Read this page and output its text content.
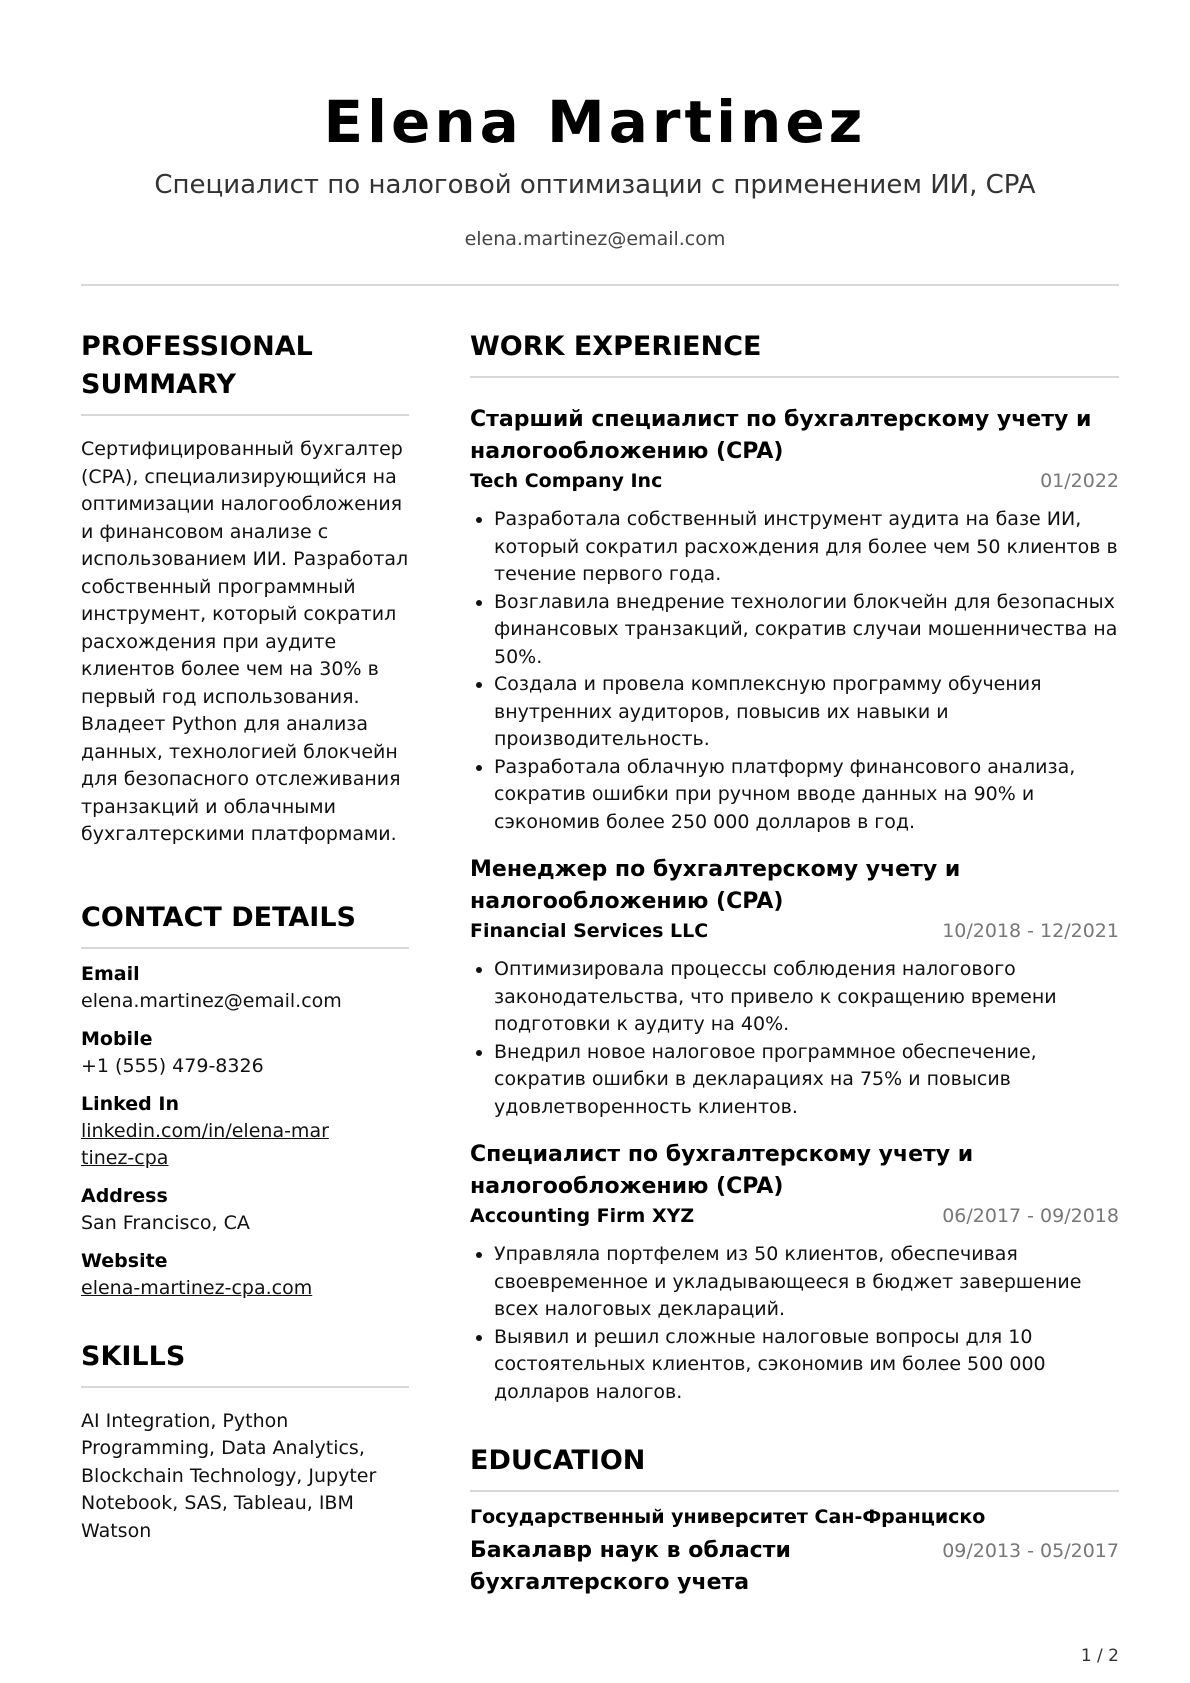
Elena Martinez

Специалист по налоговой оптимизации с применением ИИ, CPA

elena.martinez@email.com

PROFESSIONAL SUMMARY

Сертифицированный бухгалтер (CPA), специализирующийся на оптимизации налогообложения и финансовом анализе с использованием ИИ. Разработал собственный программный инструмент, который сократил расхождения при аудите клиентов более чем на 30% в первый год использования. Владеет Python для анализа данных, технологией блокчейн для безопасного отслеживания транзакций и облачными бухгалтерскими платформами.

CONTACT DETAILS

Email

elena.martinez@email.com

Mobile

+1 (555) 479-8326

Linked In

linkedin.com/in/elena-martinez-cpa

Address

San Francisco, CA

Website

elena-martinez-cpa.com

SKILLS

AI Integration, Python Programming, Data Analytics, Blockchain Technology, Jupyter Notebook, SAS, Tableau, IBM Watson

WORK EXPERIENCE
Старший специалист по бухгалтерскому учету и налогообложению (CPA)
Tech Company Inc	01/2022
• Разработала собственный инструмент аудита на базе ИИ, который сократил расхождения для более чем 50 клиентов в течение первого года.
• Возглавила внедрение технологии блокчейн для безопасных финансовых транзакций, сократив случаи мошенничества на 50%.
• Создала и провела комплексную программу обучения внутренних аудиторов, повысив их навыки и производительность.
• Разработала облачную платформу финансового анализа, сократив ошибки при ручном вводе данных на 90% и сэкономив более 250 000 долларов в год.
Менеджер по бухгалтерскому учету и налогообложению (CPA)
Financial Services LLC	10/2018 - 12/2021
• Оптимизировала процессы соблюдения налогового законодательства, что привело к сокращению времени подготовки к аудиту на 40%.
• Внедрил новое налоговое программное обеспечение, сократив ошибки в декларациях на 75% и повысив удовлетворенность клиентов.
Специалист по бухгалтерскому учету и налогообложению (CPA)
Accounting Firm XYZ	06/2017 - 09/2018
• Управляла портфелем из 50 клиентов, обеспечивая своевременное и укладывающееся в бюджет завершение всех налоговых деклараций.
• Выявил и решил сложные налоговые вопросы для 10 состоятельных клиентов, сэкономив им более 500 000 долларов налогов.
EDUCATION

Государственный университет Сан-Франциско

Бакалавр наук в области бухгалтерского учета
09/2013 - 05/2017
1 / 2
